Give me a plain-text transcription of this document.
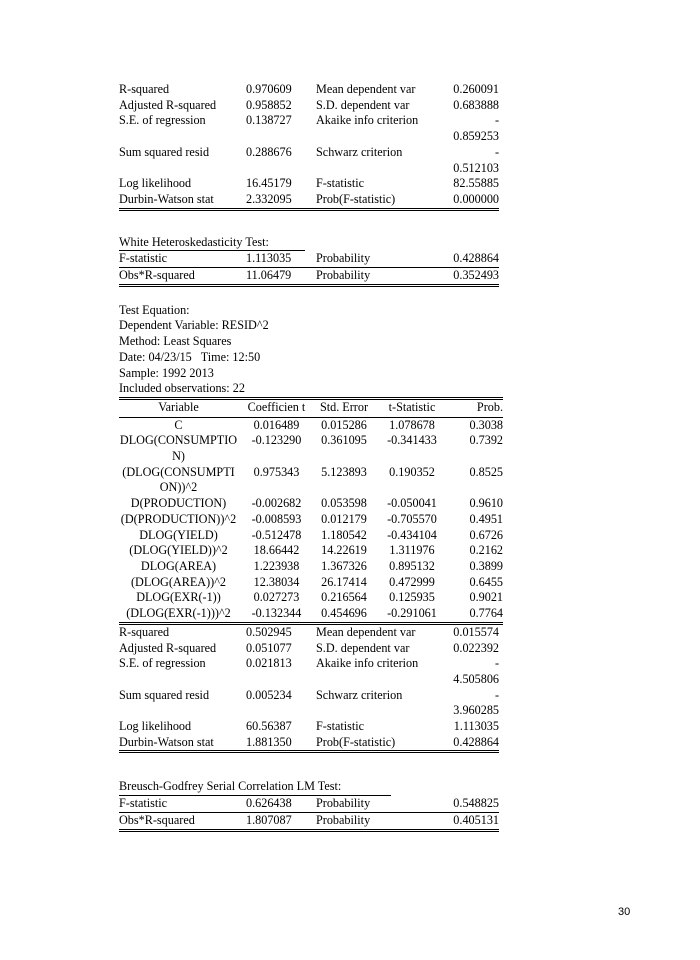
R-squared	0.970609	Mean dependent var	0.260091
Adjusted R-squared	0.958852	S.D. dependent var	0.683888
S.E. of regression	0.138727	Akaike info criterion	-
0.859253

Sum squared resid	0.288676	Schwarz criterion	-
0.512103

Log likelihood	16.45179	F-statistic	82.55885
Durbin-Watson stat	2.332095	Prob(F-statistic)	0.000000
White Heteroskedasticity Test:
F-statistic	1.113035	Probability	0.428864
Obs*R-squared	11.06479	Probability	0.352493
Test Equation:
Dependent Variable: RESID^2
Method: Least Squares
Date: 04/23/15   Time: 12:50
Sample: 1992 2013
Included observations: 22
Variable	Coefficien t	Std. Error	t-Statistic	Prob.
C	0.016489	0.015286	1.078678	0.3038
DLOG(CONSUMPTION)	-0.123290	0.361095	-0.341433	0.7392
(DLOG(CONSUMPTION))^2	0.975343	5.123893	0.190352	0.8525
D(PRODUCTION)	-0.002682	0.053598	-0.050041	0.9610
(D(PRODUCTION))^2	-0.008593	0.012179	-0.705570	0.4951
DLOG(YIELD)	-0.512478	1.180542	-0.434104	0.6726
(DLOG(YIELD))^2	18.66442	14.22619	1.311976	0.2162
DLOG(AREA)	1.223938	1.367326	0.895132	0.3899
(DLOG(AREA))^2	12.38034	26.17414	0.472999	0.6455
DLOG(EXR(-1))	0.027273	0.216564	0.125935	0.9021
(DLOG(EXR(-1)))^2	-0.132344	0.454696	-0.291061	0.7764
R-squared	0.502945	Mean dependent var	0.015574
Adjusted R-squared	0.051077	S.D. dependent var	0.022392
S.E. of regression	0.021813	Akaike info criterion	-
4.505806

Sum squared resid	0.005234	Schwarz criterion	-
3.960285

Log likelihood	60.56387	F-statistic	1.113035
Durbin-Watson stat	1.881350	Prob(F-statistic)	0.428864
Breusch-Godfrey Serial Correlation LM Test:
F-statistic	0.626438	Probability	0.548825
Obs*R-squared	1.807087	Probability	0.405131
30
